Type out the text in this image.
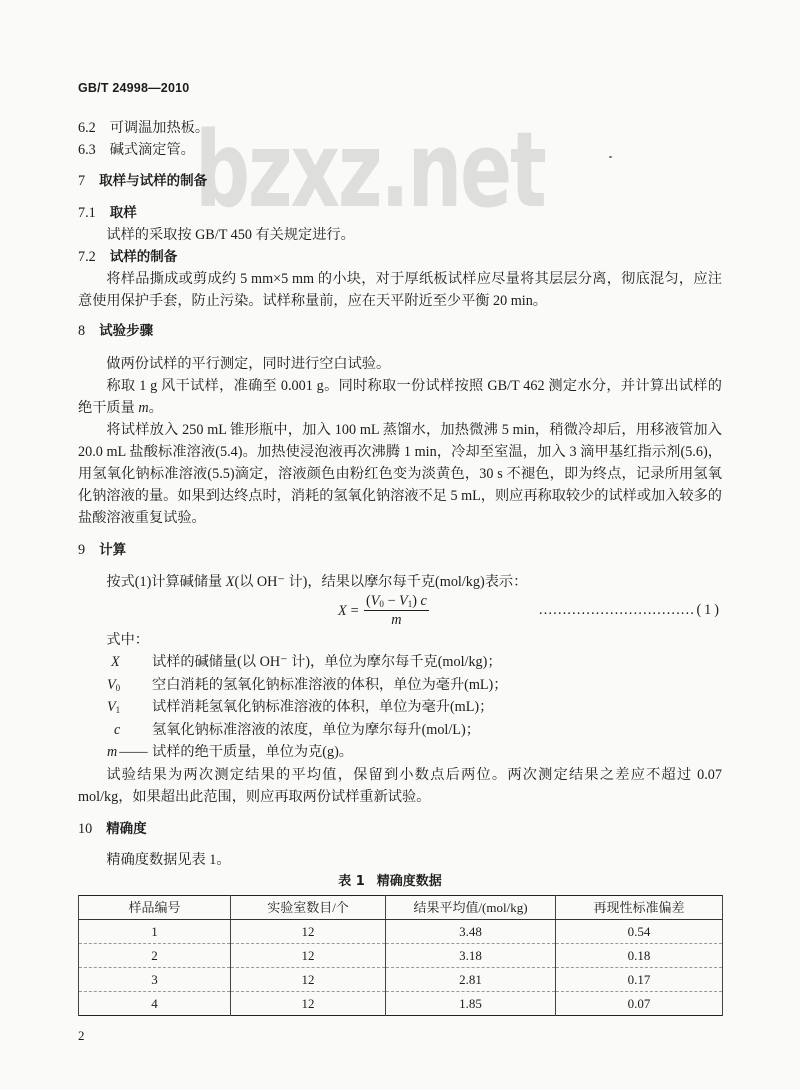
bzxz.net
GB/T 24998—2010
6.2 可调温加热板。
6.3 碱式滴定管。
7 取样与试样的制备
7.1 取样

试样的采取按 GB/T 450 有关规定进行。

7.2 试样的制备

将样品撕成或剪成约 5 mm×5 mm 的小块，对于厚纸板试样应尽量将其层层分离，彻底混匀，应注意使用保护手套，防止污染。试样称量前，应在天平附近至少平衡 20 min。

8 试验步骤

做两份试样的平行测定，同时进行空白试验。

称取 1 g 风干试样，准确至 0.001 g。同时称取一份试样按照 GB/T 462 测定水分，并计算出试样的绝干质量 m。

将试样放入 250 mL 锥形瓶中，加入 100 mL 蒸馏水，加热微沸 5 min，稍微冷却后，用移液管加入 20.0 mL 盐酸标准溶液(5.4)。加热使浸泡液再次沸腾 1 min，冷却至室温，加入 3 滴甲基红指示剂(5.6)，用氢氧化钠标准溶液(5.5)滴定，溶液颜色由粉红色变为淡黄色，30 s 不褪色，即为终点，记录所用氢氧化钠溶液的量。如果到达终点时，消耗的氢氧化钠溶液不足 5 mL，则应再称取较少的试样或加入较多的盐酸溶液重复试验。

9 计算

按式(1)计算碱储量 X(以 OH⁻ 计)，结果以摩尔每千克(mol/kg)表示：

$X = \frac{(V_0 - V_1) c}{m}$	…………………………… (1)
式中：
X	试样的碱储量(以 OH⁻ 计)，单位为摩尔每千克(mol/kg)；
$V_0$	空白消耗的氢氧化钠标准溶液的体积，单位为毫升(mL)；
$V_1$	试样消耗氢氧化钠标准溶液的体积，单位为毫升(mL)；
c	氢氧化钠标准溶液的浓度，单位为摩尔每升(mol/L)；
m —— 试样的绝干质量，单位为克(g)。

试验结果为两次测定结果的平均值，保留到小数点后两位。两次测定结果之差应不超过 0.07 mol/kg，如果超出此范围，则应再取两份试样重新试验。

10 精确度

精确度数据见表 1。

表 1 精确度数据
样品编号	实验室数目/个	结果平均值/(mol/kg)	再现性标准偏差
1	12	3.48	0.54
2	12	3.18	0.18
3	12	2.81	0.17
4	12	1.85	0.07
2
